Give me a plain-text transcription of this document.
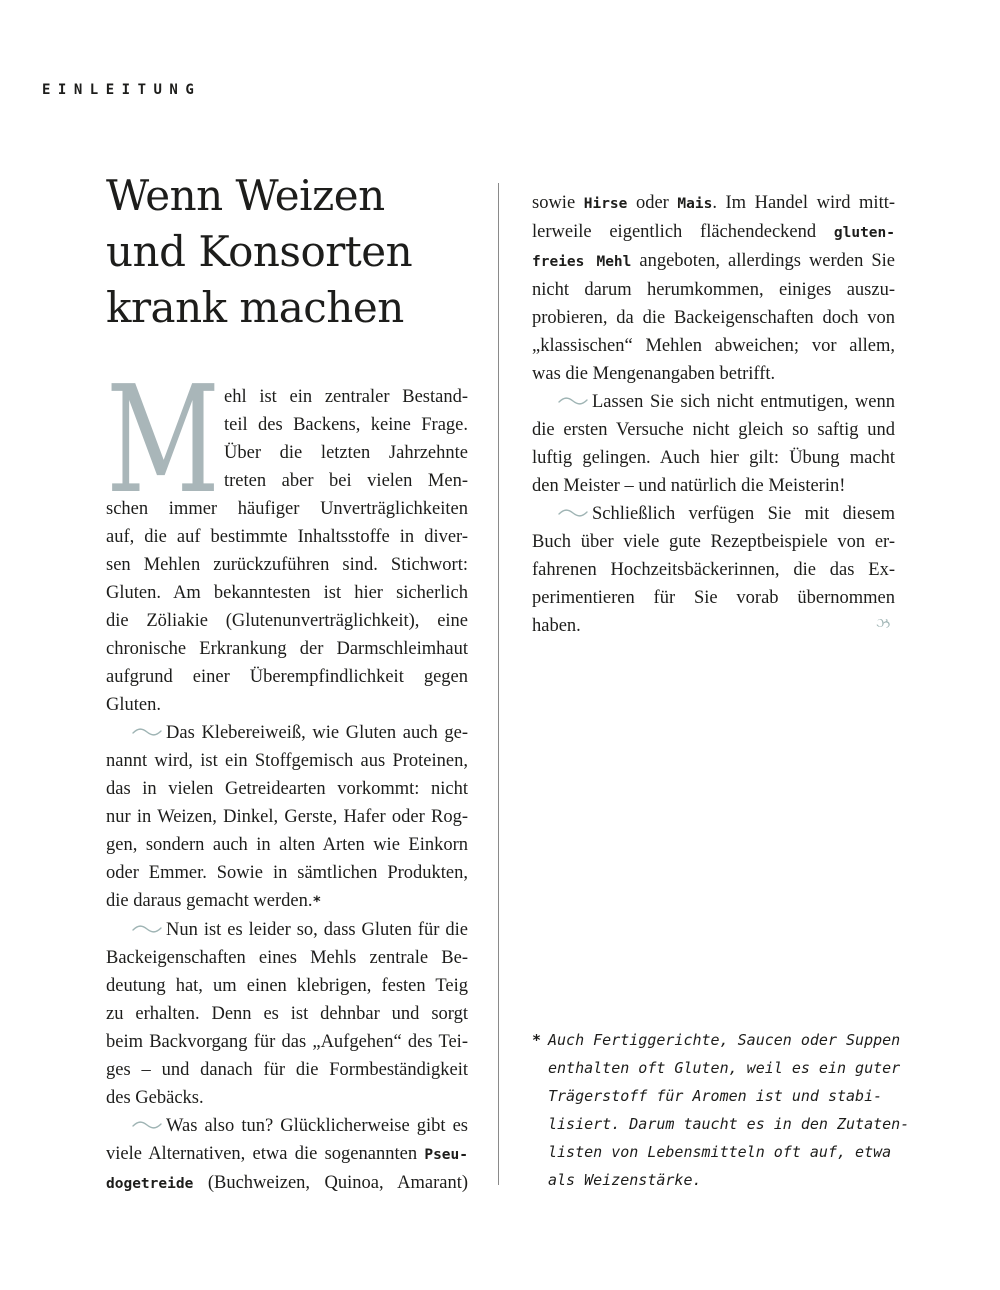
EINLEITUNG
Wenn Weizen
und Konsorten
krank machen
M ehl ist ein zentraler Bestand-
teil des Backens, keine Frage.
Über die letzten Jahrzehnte
treten aber bei vielen Men-
schen immer häufiger Unverträglichkeiten
auf, die auf bestimmte Inhaltsstoffe in diver-
sen Mehlen zurückzuführen sind. Stichwort:
Gluten. Am bekanntesten ist hier sicherlich
die Zöliakie (Glutenunverträglichkeit), eine
chronische Erkrankung der Darmschleimhaut
aufgrund einer Überempfindlichkeit gegen
Gluten.
Das Klebereiweiß, wie Gluten auch ge-
nannt wird, ist ein Stoffgemisch aus Proteinen,
das in vielen Getreidearten vorkommt: nicht
nur in Weizen, Dinkel, Gerste, Hafer oder Rog-
gen, sondern auch in alten Arten wie Einkorn
oder Emmer. Sowie in sämtlichen Produkten,
die daraus gemacht werden.*
Nun ist es leider so, dass Gluten für die
Backeigenschaften eines Mehls zentrale Be-
deutung hat, um einen klebrigen, festen Teig
zu erhalten. Denn es ist dehnbar und sorgt
beim Backvorgang für das „Aufgehen“ des Tei-
ges – und danach für die Formbeständigkeit
des Gebäcks.
Was also tun? Glücklicherweise gibt es
viele Alternativen, etwa die sogenannten Pseu-
dogetreide (Buchweizen, Quinoa, Amarant)
sowie Hirse oder Mais. Im Handel wird mitt-
lerweile eigentlich flächendeckend gluten-
freies Mehl angeboten, allerdings werden Sie
nicht darum herumkommen, einiges auszu-
probieren, da die Backeigenschaften doch von
„klassischen“ Mehlen abweichen; vor allem,
was die Mengenangaben betrifft.
Lassen Sie sich nicht entmutigen, wenn
die ersten Versuche nicht gleich so saftig und
luftig gelingen. Auch hier gilt: Übung macht
den Meister – und natürlich die Meisterin!
Schließlich verfügen Sie mit diesem
Buch über viele gute Rezeptbeispiele von er-
fahrenen Hochzeitsbäckerinnen, die das Ex-
perimentieren für Sie vorab übernommen
haben.	ઝ
* Auch Fertiggerichte, Saucen oder Suppen
enthalten oft Gluten, weil es ein guter
Trägerstoff für Aromen ist und stabi-
lisiert. Darum taucht es in den Zutaten-
listen von Lebensmitteln oft auf, etwa
als Weizenstärke.
